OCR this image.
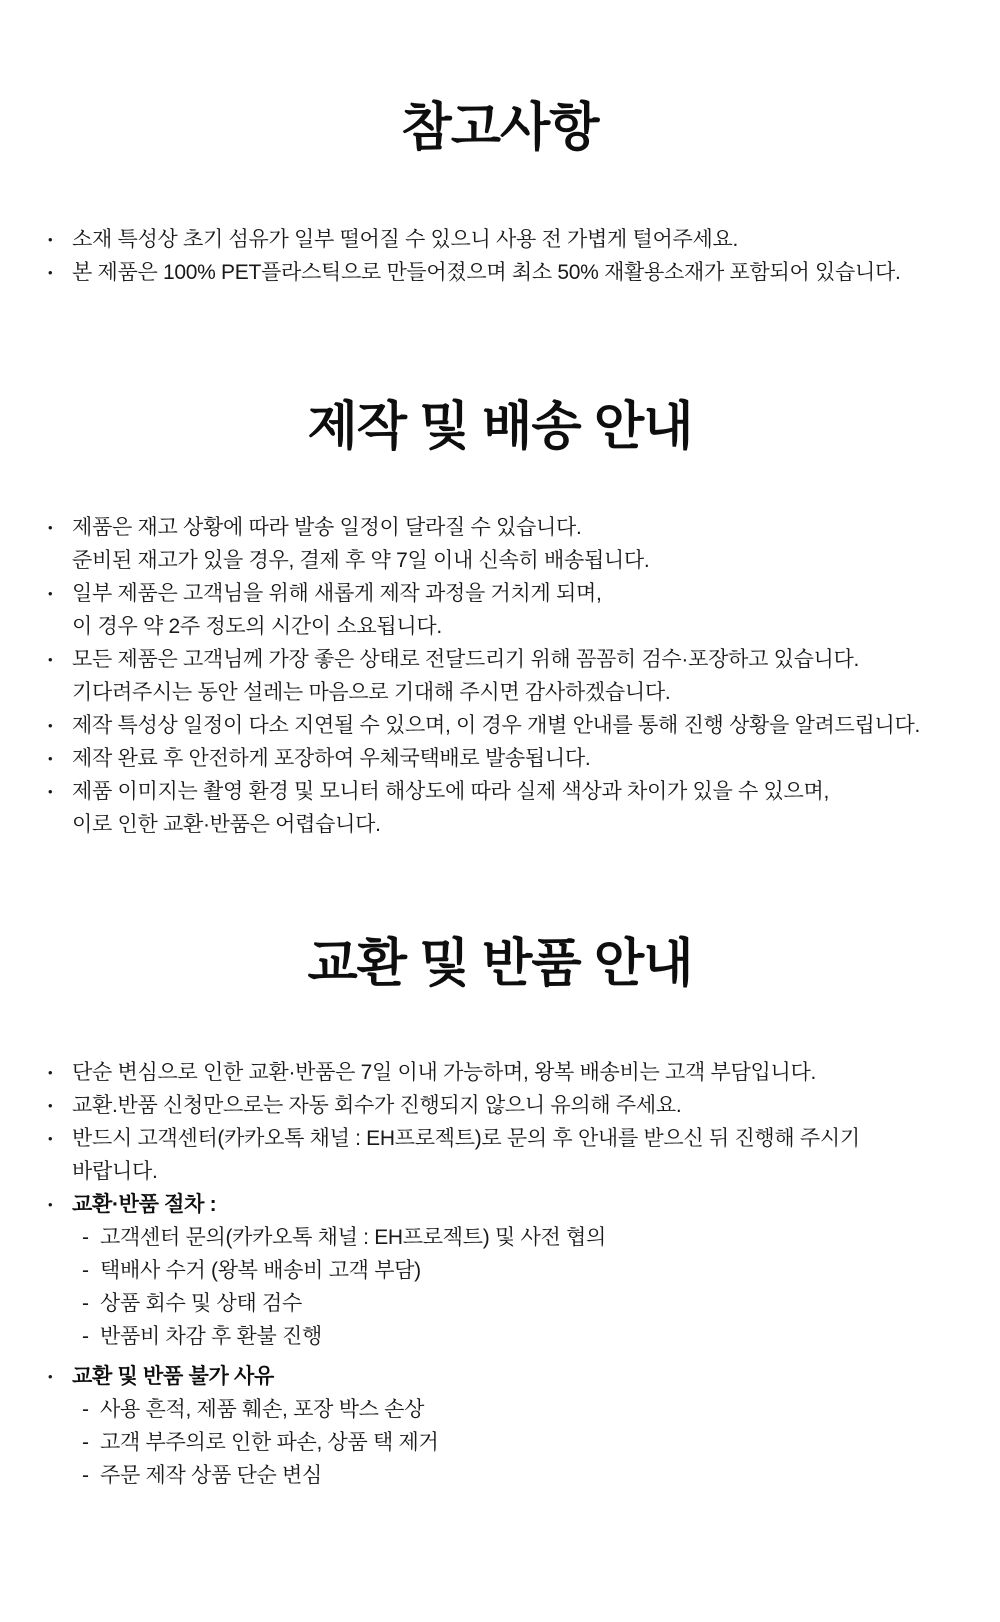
참고사항
• 소재 특성상 초기 섬유가 일부 떨어질 수 있으니 사용 전 가볍게 털어주세요.
• 본 제품은 100% PET플라스틱으로 만들어졌으며 최소 50% 재활용소재가 포함되어 있습니다.
제작 및 배송 안내
• 제품은 재고 상황에 따라 발송 일정이 달라질 수 있습니다.
준비된 재고가 있을 경우, 결제 후 약 7일 이내 신속히 배송됩니다.
• 일부 제품은 고객님을 위해 새롭게 제작 과정을 거치게 되며,
이 경우 약 2주 정도의 시간이 소요됩니다.
• 모든 제품은 고객님께 가장 좋은 상태로 전달드리기 위해 꼼꼼히 검수·포장하고 있습니다.
기다려주시는 동안 설레는 마음으로 기대해 주시면 감사하겠습니다.
• 제작 특성상 일정이 다소 지연될 수 있으며, 이 경우 개별 안내를 통해 진행 상황을 알려드립니다.
• 제작 완료 후 안전하게 포장하여 우체국택배로 발송됩니다.
• 제품 이미지는 촬영 환경 및 모니터 해상도에 따라 실제 색상과 차이가 있을 수 있으며,
이로 인한 교환·반품은 어렵습니다.
교환 및 반품 안내
• 단순 변심으로 인한 교환·반품은 7일 이내 가능하며, 왕복 배송비는 고객 부담입니다.
• 교환.반품 신청만으로는 자동 회수가 진행되지 않으니 유의해 주세요.
• 반드시 고객센터(카카오톡 채널 : EH프로젝트)로 문의 후 안내를 받으신 뒤 진행해 주시기
바랍니다.
• 교환·반품 절차 :
- 고객센터 문의(카카오톡 채널 : EH프로젝트) 및 사전 협의
- 택배사 수거 (왕복 배송비 고객 부담)
- 상품 회수 및 상태 검수
- 반품비 차감 후 환불 진행
• 교환 및 반품 불가 사유
- 사용 흔적, 제품 훼손, 포장 박스 손상
- 고객 부주의로 인한 파손, 상품 택 제거
- 주문 제작 상품 단순 변심
